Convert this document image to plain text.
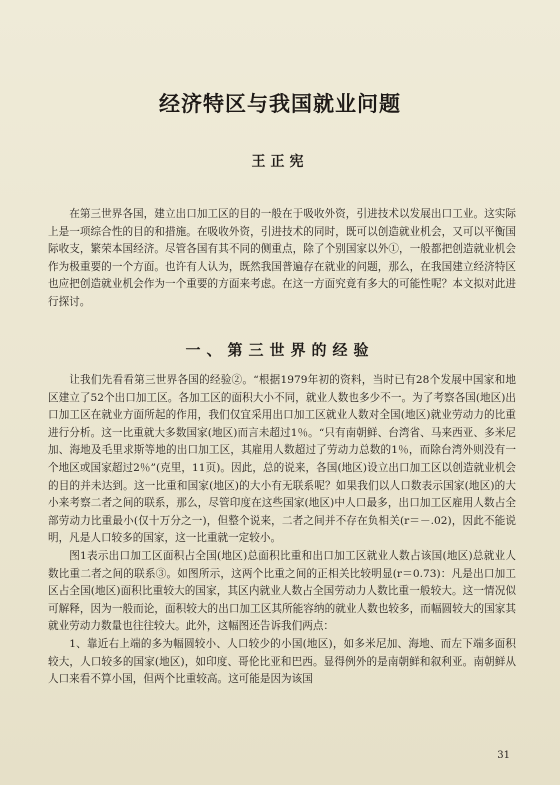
经济特区与我国就业问题
王正宪

在第三世界各国，建立出口加工区的目的一般在于吸收外资，引进技术以发展出口工业。这实际上是一项综合性的目的和措施。在吸收外资，引进技术的同时，既可以创造就业机会，又可以平衡国际收支，繁荣本国经济。尽管各国有其不同的侧重点，除了个别国家以外①，一般都把创造就业机会作为极重要的一个方面。也许有人认为，既然我国普遍存在就业的问题，那么，在我国建立经济特区也应把创造就业机会作为一个重要的方面来考虑。在这一方面究竟有多大的可能性呢？本文拟对此进行探讨。

一、第三世界的经验

让我们先看看第三世界各国的经验②。“根据1979年初的资料，当时已有28个发展中国家和地区建立了52个出口加工区。各加工区的面积大小不同，就业人数也多少不一。为了考察各国(地区)出口加工区在就业方面所起的作用，我们仅宜采用出口加工区就业人数对全国(地区)就业劳动力的比重进行分析。这一比重就大多数国家(地区)而言未超过1％。“只有南朝鲜、台湾省、马来西亚、多米尼加、海地及毛里求斯等地的出口加工区，其雇用人数超过了劳动力总数的1％，而除台湾外则没有一个地区或国家超过2％”(克里，11页)。因此，总的说来，各国(地区)设立出口加工区以创造就业机会的目的并未达到。这一比重和国家(地区)的大小有无联系呢？如果我们以人口数表示国家(地区)的大小来考察二者之间的联系，那么，尽管印度在这些国家(地区)中人口最多，出口加工区雇用人数占全部劳动力比重最小(仅十万分之一)，但整个说来，二者之间并不存在负相关(r＝－.02)，因此不能说明，凡是人口较多的国家，这一比重就一定较小。

图1表示出口加工区面积占全国(地区)总面积比重和出口加工区就业人数占该国(地区)总就业人数比重二者之间的联系③。如图所示，这两个比重之间的正相关比较明显(r＝0.73)：凡是出口加工区占全国(地区)面积比重较大的国家，其区内就业人数占全国劳动力人数比重一般较大。这一情况似可解释，因为一般而论，面积较大的出口加工区其所能容纳的就业人数也较多，而幅圆较大的国家其就业劳动力数量也往往较大。此外，这幅图还告诉我们两点：

1、靠近右上端的多为幅圆较小、人口较少的小国(地区)，如多米尼加、海地、而左下端多面积较大，人口较多的国家(地区)，如印度、哥伦比亚和巴西。显得例外的是南朝鲜和叙利亚。南朝鲜从人口来看不算小国，但两个比重较高。这可能是因为该国

31
